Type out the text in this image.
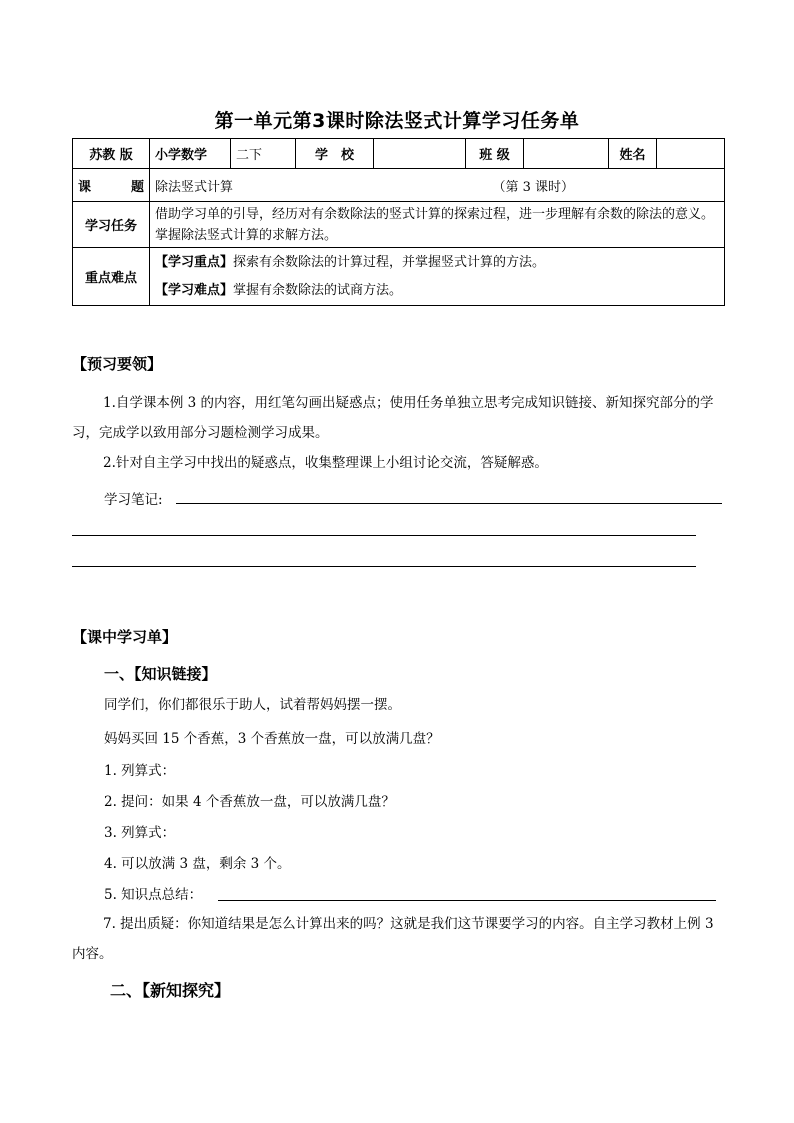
第一单元第3课时除法竖式计算学习任务单
苏教 版	小学数学	二下	学　校		班 级		姓名	

课 题	除法竖式计算 （第 3 课时）							

学习任务	借助学习单的引导，经历对有余数除法的竖式计算的探索过程，进一步理解有余数的除法的意义。掌握除法竖式计算的求解方法。							
重点难点	【学习重点】探索有余数除法的计算过程，并掌握竖式计算的方法。
【学习难点】掌握有余数除法的试商方法。							
【预习要领】
1.自学课本例 3 的内容，用红笔勾画出疑惑点；使用任务单独立思考完成知识链接、新知探究部分的学习，完成学以致用部分习题检测学习成果。
2.针对自主学习中找出的疑惑点，收集整理课上小组讨论交流，答疑解惑。
学习笔记:
【课中学习单】
一、【知识链接】
同学们，你们都很乐于助人，试着帮妈妈摆一摆。
妈妈买回 15 个香蕉，3 个香蕉放一盘，可以放满几盘？
1. 列算式：
2. 提问：如果 4 个香蕉放一盘，可以放满几盘？
3. 列算式：
4. 可以放满 3 盘，剩余 3 个。
5. 知识点总结：
7. 提出质疑：你知道结果是怎么计算出来的吗？这就是我们这节课要学习的内容。自主学习教材上例 3 内容。
二、【新知探究】
